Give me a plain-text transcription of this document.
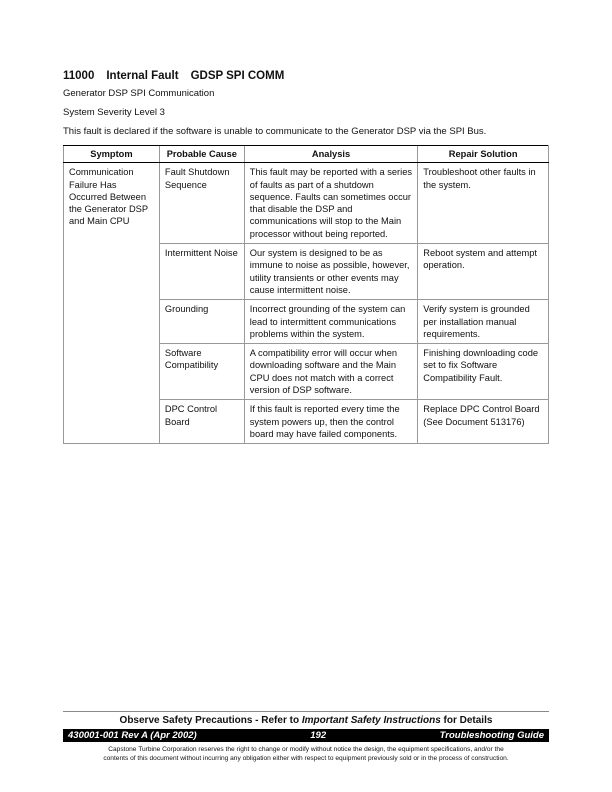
11000 Internal Fault GDSP SPI COMM

Generator DSP SPI Communication

System Severity Level 3

This fault is declared if the software is unable to communicate to the Generator DSP via the SPI Bus.

Symptom	Probable Cause	Analysis	Repair Solution
Communication Failure Has Occurred Between the Generator DSP and Main CPU	Fault Shutdown Sequence	This fault may be reported with a series of faults as part of a shutdown sequence. Faults can sometimes occur that disable the DSP and communications will stop to the Main processor without being reported.	Troubleshoot other faults in the system.
	Intermittent Noise	Our system is designed to be as immune to noise as possible, however, utility transients or other events may cause intermittent noise.	Reboot system and attempt operation.
	Grounding	Incorrect grounding of the system can lead to intermittent communications problems within the system.	Verify system is grounded per installation manual requirements.
	Software Compatibility	A compatibility error will occur when downloading software and the Main CPU does not match with a correct version of DSP software.	Finishing downloading code set to fix Software Compatibility Fault.
	DPC Control Board	If this fault is reported every time the system powers up, then the control board may have failed components.	Replace DPC Control Board (See Document 513176)
Observe Safety Precautions - Refer to Important Safety Instructions for Details
430001-001 Rev A (Apr 2002)	192	Troubleshooting Guide
Capstone Turbine Corporation reserves the right to change or modify without notice the design, the equipment specifications, and/or the
contents of this document without incurring any obligation either with respect to equipment previously sold or in the process of construction.
